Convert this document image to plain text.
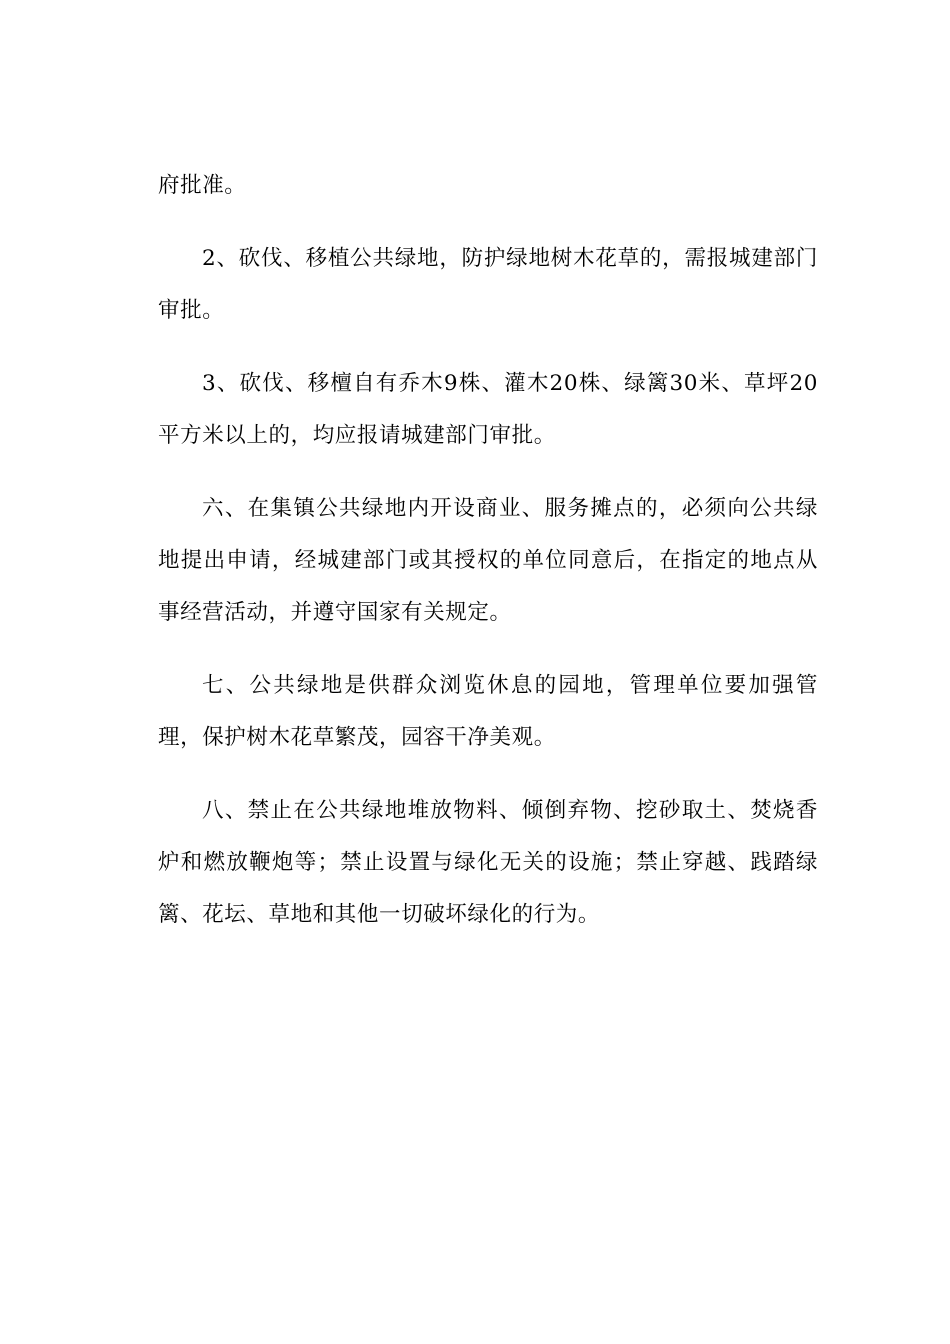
府批准。

2、砍伐、移植公共绿地，防护绿地树木花草的，需报城建部门审批。

3、砍伐、移檀自有乔木9株、灌木20株、绿篱30米、草坪20平方米以上的，均应报请城建部门审批。

六、在集镇公共绿地内开设商业、服务摊点的，必须向公共绿地提出申请，经城建部门或其授权的单位同意后，在指定的地点从事经营活动，并遵守国家有关规定。

七、公共绿地是供群众浏览休息的园地，管理单位要加强管理，保护树木花草繁茂，园容干净美观。

八、禁止在公共绿地堆放物料、倾倒弃物、挖砂取土、焚烧香炉和燃放鞭炮等；禁止设置与绿化无关的设施；禁止穿越、践踏绿篱、花坛、草地和其他一切破坏绿化的行为。
